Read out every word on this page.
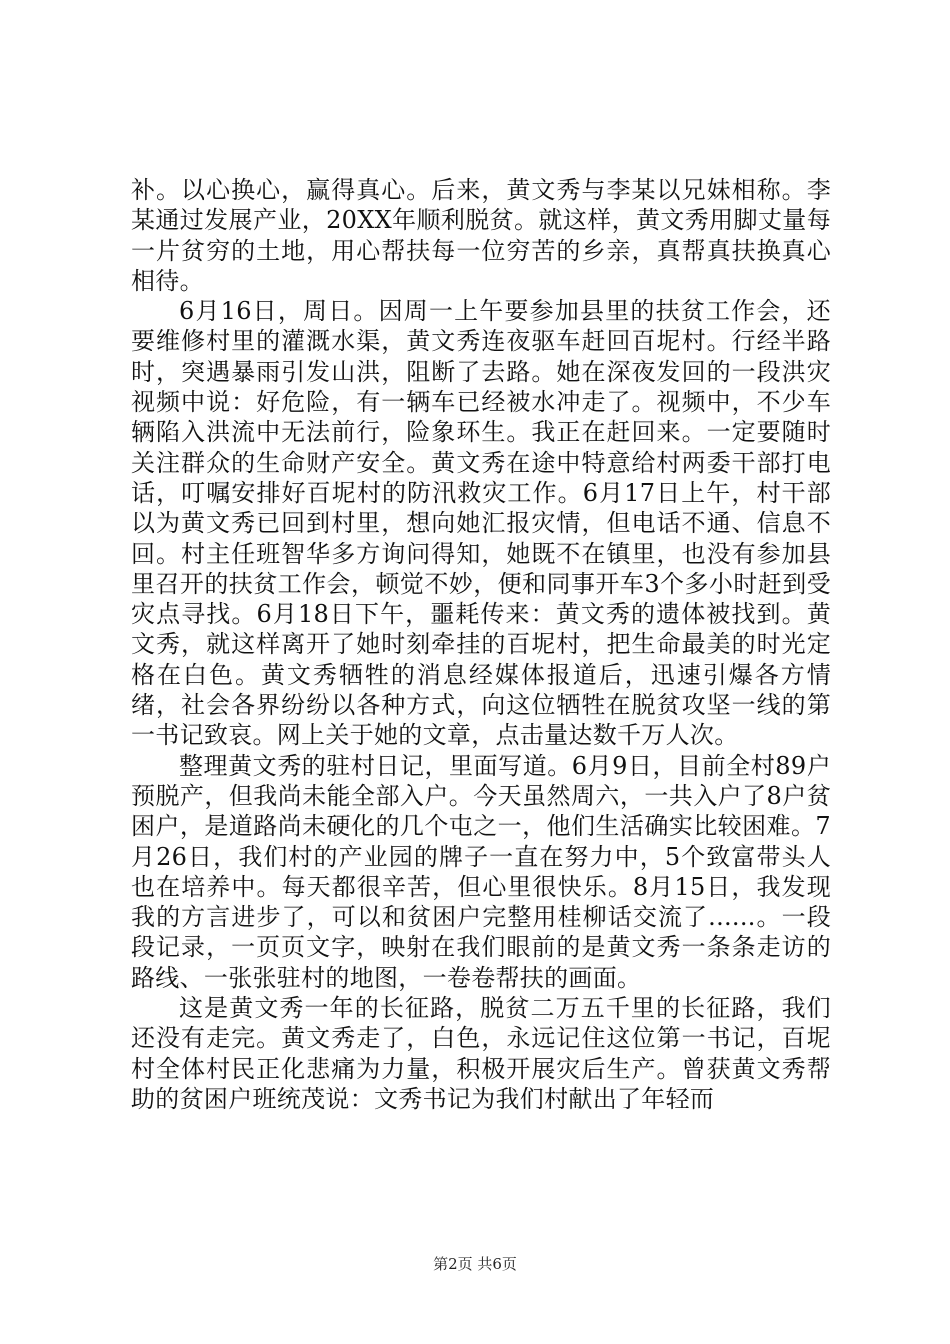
补。以心换心，赢得真心。后来，黄文秀与李某以兄妹相称。李某通过发展产业，20XX年顺利脱贫。就这样，黄文秀用脚丈量每一片贫穷的土地，用心帮扶每一位穷苦的乡亲，真帮真扶换真心相待。

6月16日，周日。因周一上午要参加县里的扶贫工作会，还要维修村里的灌溉水渠，黄文秀连夜驱车赶回百坭村。行经半路时，突遇暴雨引发山洪，阻断了去路。她在深夜发回的一段洪灾视频中说：好危险，有一辆车已经被水冲走了。视频中，不少车辆陷入洪流中无法前行，险象环生。我正在赶回来。一定要随时关注群众的生命财产安全。黄文秀在途中特意给村两委干部打电话，叮嘱安排好百坭村的防汛救灾工作。6月17日上午，村干部以为黄文秀已回到村里，想向她汇报灾情，但电话不通、信息不回。村主任班智华多方询问得知，她既不在镇里，也没有参加县里召开的扶贫工作会，顿觉不妙，便和同事开车3个多小时赶到受灾点寻找。6月18日下午，噩耗传来：黄文秀的遗体被找到。黄文秀，就这样离开了她时刻牵挂的百坭村，把生命最美的时光定格在白色。黄文秀牺牲的消息经媒体报道后，迅速引爆各方情绪，社会各界纷纷以各种方式，向这位牺牲在脱贫攻坚一线的第一书记致哀。网上关于她的文章，点击量达数千万人次。

整理黄文秀的驻村日记，里面写道。6月9日，目前全村89户预脱产，但我尚未能全部入户。今天虽然周六，一共入户了8户贫困户，是道路尚未硬化的几个屯之一，他们生活确实比较困难。7月26日，我们村的产业园的牌子一直在努力中，5个致富带头人也在培养中。每天都很辛苦，但心里很快乐。8月15日，我发现我的方言进步了，可以和贫困户完整用桂柳话交流了......。一段段记录，一页页文字，映射在我们眼前的是黄文秀一条条走访的路线、一张张驻村的地图，一卷卷帮扶的画面。

这是黄文秀一年的长征路，脱贫二万五千里的长征路，我们还没有走完。黄文秀走了，白色，永远记住这位第一书记，百坭村全体村民正化悲痛为力量，积极开展灾后生产。曾获黄文秀帮助的贫困户班统茂说：文秀书记为我们村献出了年轻而

第2页 共6页
